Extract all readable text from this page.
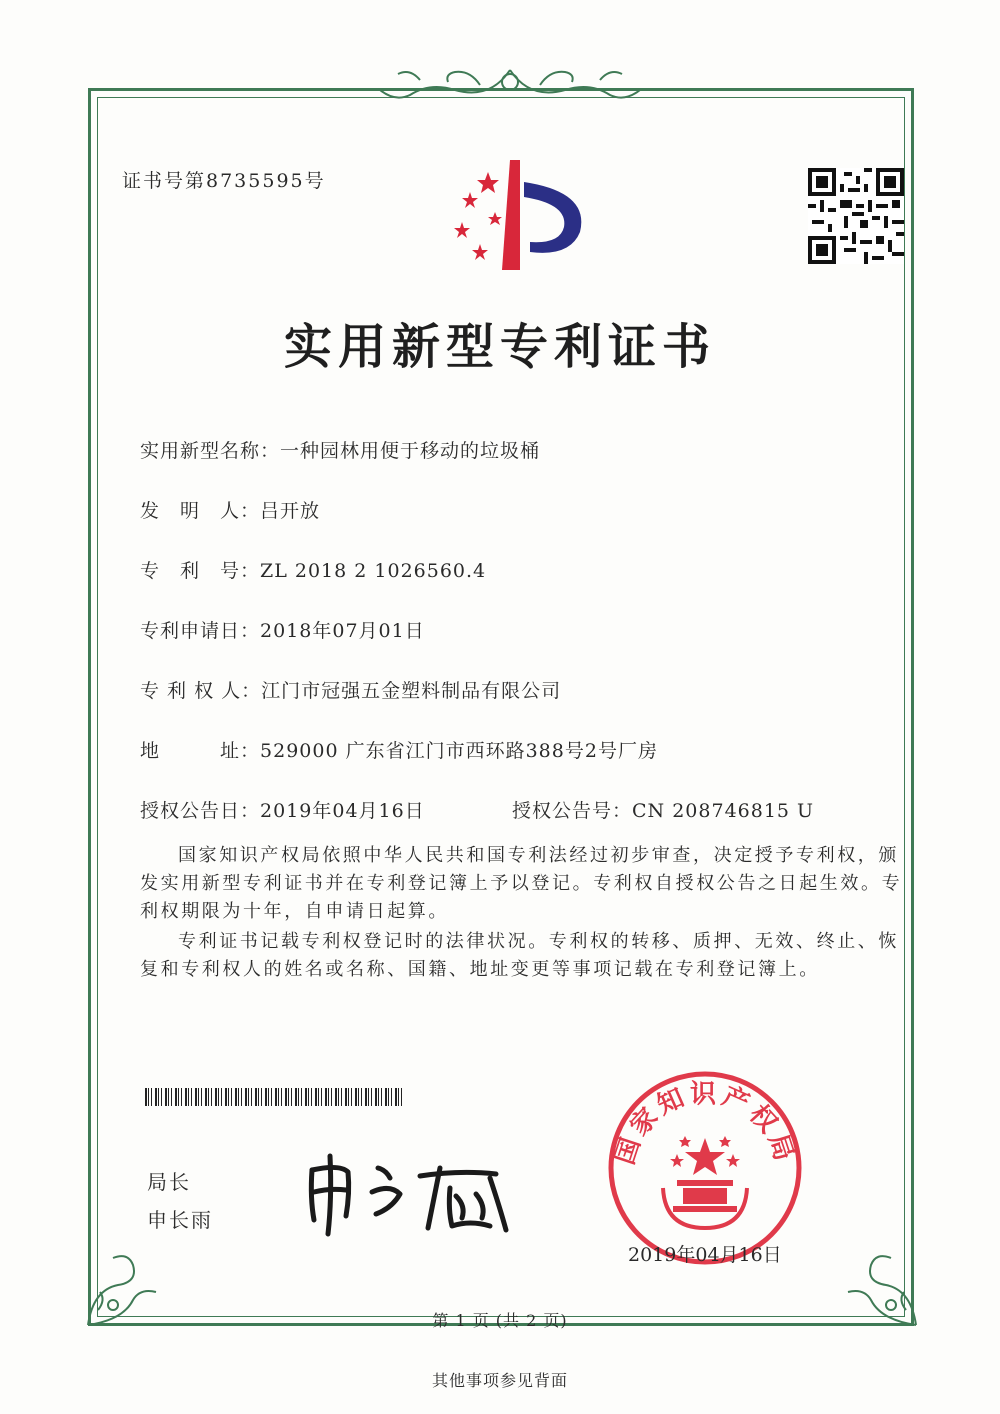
证书号第8735595号
实用新型专利证书
实用新型名称：一种园林用便于移动的垃圾桶
发　明　人：吕开放
专　利　号：ZL 2018 2 1026560.4
专利申请日：2018年07月01日
专 利 权 人：江门市冠强五金塑料制品有限公司
地　　　址：529000 广东省江门市西环路388号2号厂房
授权公告日：2019年04月16日	授权公告号：CN 208746815 U
国家知识产权局依照中华人民共和国专利法经过初步审查，决定授予专利权，颁发实用新型专利证书并在专利登记簿上予以登记。专利权自授权公告之日起生效。专利权期限为十年，自申请日起算。
专利证书记载专利权登记时的法律状况。专利权的转移、质押、无效、终止、恢复和专利权人的姓名或名称、国籍、地址变更等事项记载在专利登记簿上。
局长
申长雨
国家知识产权局
2019年04月16日
第 1 页 (共 2 页)
其他事项参见背面
